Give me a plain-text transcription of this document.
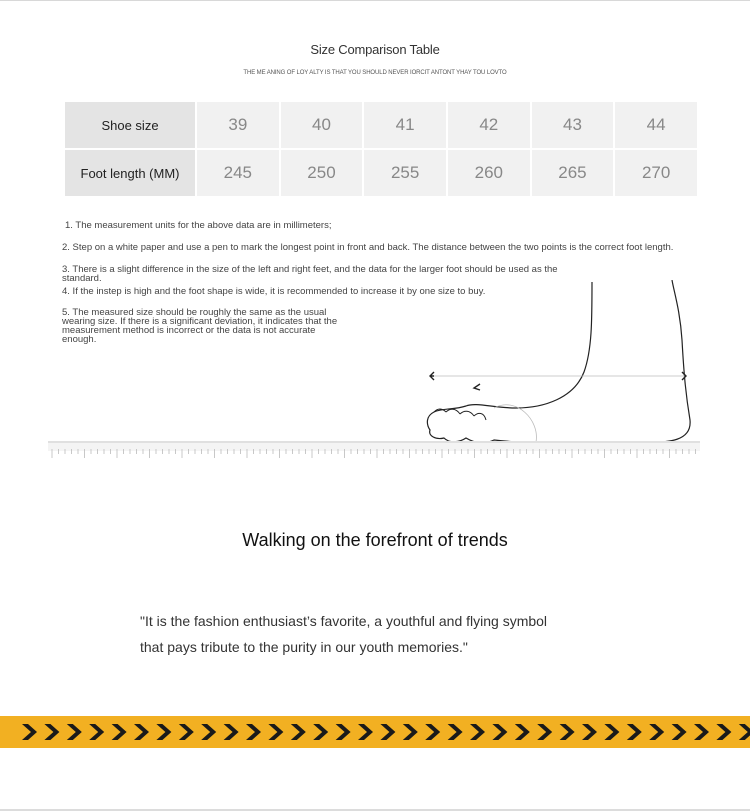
Size Comparison Table
THE ME ANING OF LOY ALTY IS THAT YOU SHOULD NEVER IORCIT ANTONT YHAY TOU LOVTO
Shoe size	39	40	41	42	43	44
Foot length (MM)	245	250	255	260	265	270
1. The measurement units for the above data are in millimeters;
2. Step on a white paper and use a pen to mark the longest point in front and back. The distance between the two points is the correct foot length.
3. There is a slight difference in the size of the left and right feet, and the data for the larger foot should be used as the standard.
4. If the instep is high and the foot shape is wide, it is recommended to increase it by one size to buy.
5. The measured size should be roughly the same as the usual wearing size. If there is a significant deviation, it indicates that the measurement method is incorrect or the data is not accurate enough.
Walking on the forefront of trends
"It is the fashion enthusiast’s favorite, a youthful and flying symbol
that pays tribute to the purity in our youth memories."
